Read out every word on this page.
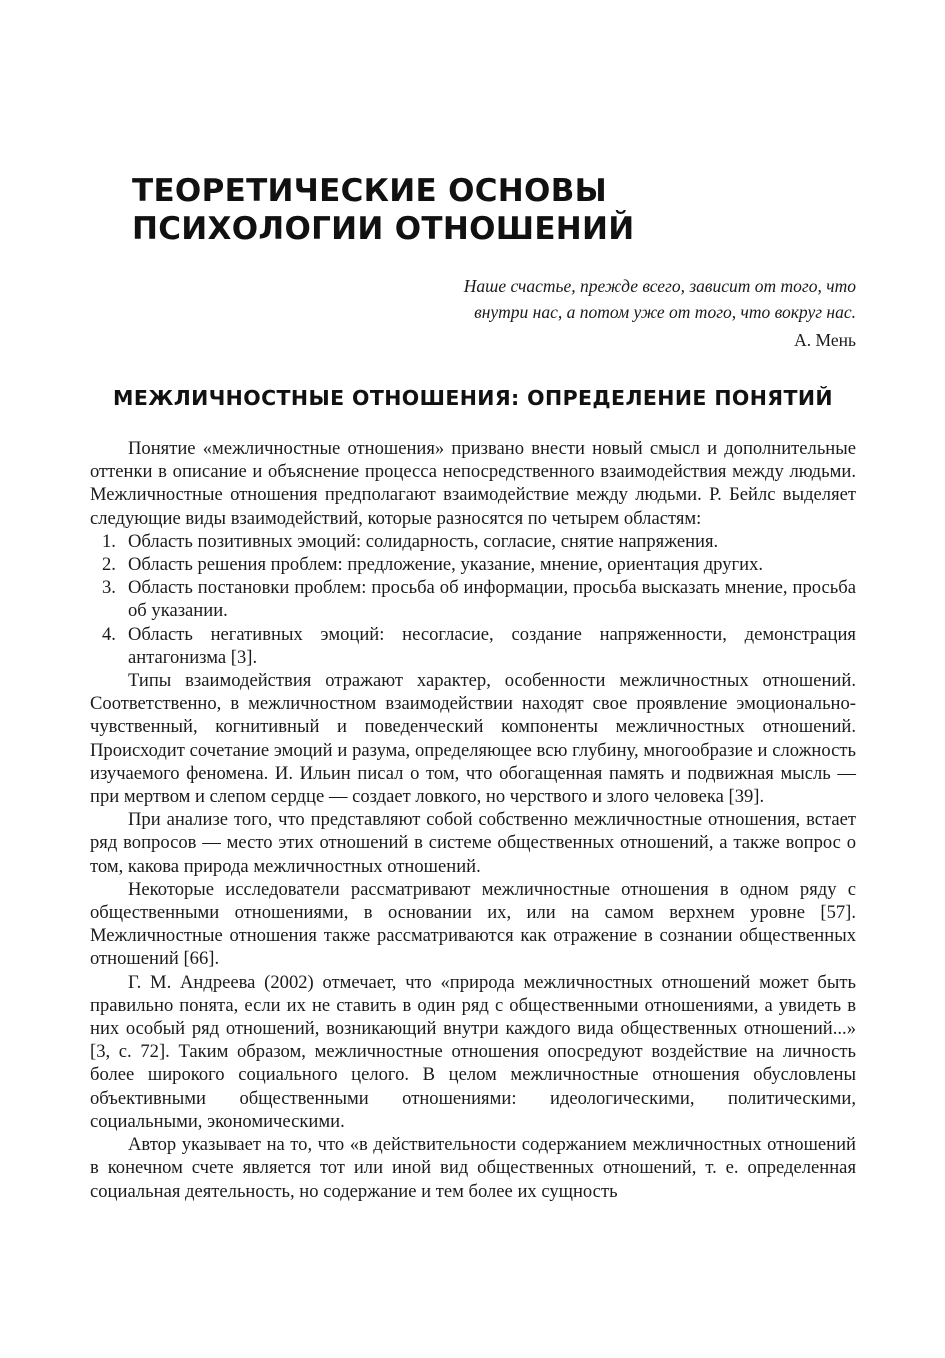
ТЕОРЕТИЧЕСКИЕ ОСНОВЫ
ПСИХОЛОГИИ ОТНОШЕНИЙ
Наше счастье, прежде всего, зависит от того, что
внутри нас, а потом уже от того, что вокруг нас.
А. Мень
МЕЖЛИЧНОСТНЫЕ ОТНОШЕНИЯ: ОПРЕДЕЛЕНИЕ ПОНЯТИЙ

Понятие «межличностные отношения» призвано внести новый смысл и дополнительные оттенки в описание и объяснение процесса непосредственного взаимодействия между людьми. Межличностные отношения предполагают взаимодействие между людьми. Р. Бейлс выделяет следующие виды взаимодействий, которые разносятся по четырем областям:

1. Область позитивных эмоций: солидарность, согласие, снятие напряжения.
2. Область решения проблем: предложение, указание, мнение, ориентация других.
3. Область постановки проблем: просьба об информации, просьба высказать мнение, просьба об указании.
4. Область негативных эмоций: несогласие, создание напряженности, демонстрация антагонизма [3].

Типы взаимодействия отражают характер, особенности межличностных отношений. Соответственно, в межличностном взаимодействии находят свое проявление эмоционально-чувственный, когнитивный и поведенческий компоненты межличностных отношений. Происходит сочетание эмоций и разума, определяющее всю глубину, многообразие и сложность изучаемого феномена. И. Ильин писал о том, что обогащенная память и подвижная мысль — при мертвом и слепом сердце — создает ловкого, но черствого и злого человека [39].

При анализе того, что представляют собой собственно межличностные отношения, встает ряд вопросов — место этих отношений в системе общественных отношений, а также вопрос о том, какова природа межличностных отношений.

Некоторые исследователи рассматривают межличностные отношения в одном ряду с общественными отношениями, в основании их, или на самом верхнем уровне [57]. Межличностные отношения также рассматриваются как отражение в сознании общественных отношений [66].

Г. М. Андреева (2002) отмечает, что «природа межличностных отношений может быть правильно понята, если их не ставить в один ряд с общественными отношениями, а увидеть в них особый ряд отношений, возникающий внутри каждого вида общественных отношений...» [3, с. 72]. Таким образом, межличностные отношения опосредуют воздействие на личность более широкого социального целого. В целом межличностные отношения обусловлены объективными общественными отношениями: идеологическими, политическими, социальными, экономическими.

Автор указывает на то, что «в действительности содержанием межличностных отношений в конечном счете является тот или иной вид общественных отношений, т. е. определенная социальная деятельность, но содержание и тем более их сущность
